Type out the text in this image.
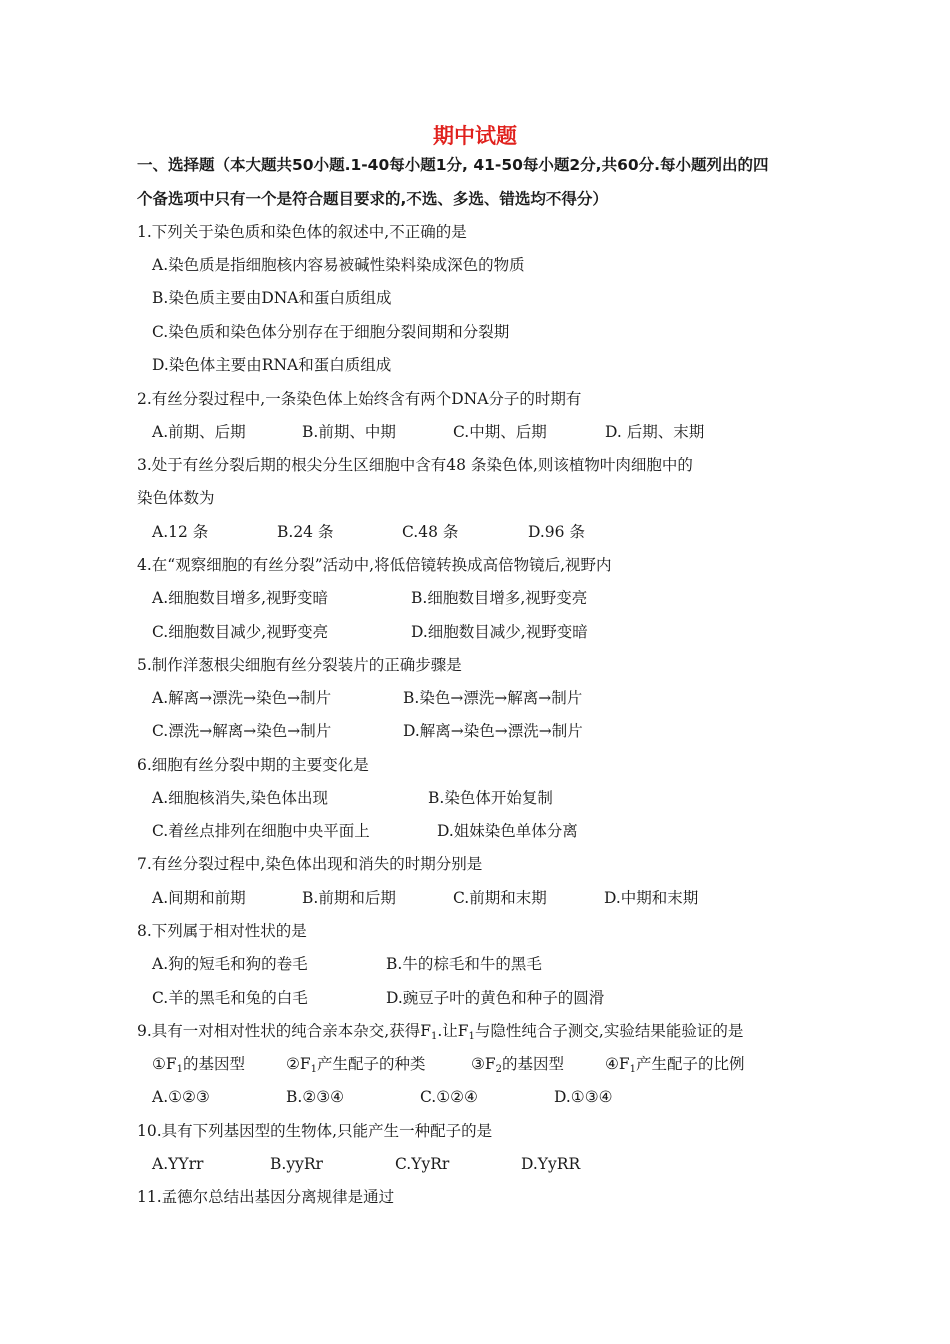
期中试题
一、选择题（本大题共50小题.1-40每小题1分, 41-50每小题2分,共60分.每小题列出的四
个备选项中只有一个是符合题目要求的,不选、多选、错选均不得分）
1.下列关于染色质和染色体的叙述中,不正确的是
A.染色质是指细胞核内容易被碱性染料染成深色的物质
B.染色质主要由DNA和蛋白质组成
C.染色质和染色体分别存在于细胞分裂间期和分裂期
D.染色体主要由RNA和蛋白质组成
2.有丝分裂过程中,一条染色体上始终含有两个DNA分子的时期有
A.前期、后期	B.前期、中期	C.中期、后期	D. 后期、末期
3.处于有丝分裂后期的根尖分生区细胞中含有48 条染色体,则该植物叶肉细胞中的
染色体数为
A.12 条	B.24 条	C.48 条	D.96 条
4.在“观察细胞的有丝分裂”活动中,将低倍镜转换成高倍物镜后,视野内
A.细胞数目增多,视野变暗	B.细胞数目增多,视野变亮
C.细胞数目减少,视野变亮	D.细胞数目减少,视野变暗
5.制作洋葱根尖细胞有丝分裂装片的正确步骤是
A.解离→漂洗→染色→制片	B.染色→漂洗→解离→制片
C.漂洗→解离→染色→制片	D.解离→染色→漂洗→制片
6.细胞有丝分裂中期的主要变化是
A.细胞核消失,染色体出现	B.染色体开始复制
C.着丝点排列在细胞中央平面上	D.姐妹染色单体分离
7.有丝分裂过程中,染色体出现和消失的时期分别是
A.间期和前期	B.前期和后期	C.前期和末期	D.中期和末期
8.下列属于相对性状的是
A.狗的短毛和狗的卷毛	B.牛的棕毛和牛的黑毛
C.羊的黑毛和兔的白毛	D.豌豆子叶的黄色和种子的圆滑
9.具有一对相对性状的纯合亲本杂交,获得$F_1$.让$F_1$与隐性纯合子测交,实验结果能验证的是
$①F_1$的基因型	$②F_1$产生配子的种类	$③F_2$的基因型	$④F_1$产生配子的比例
A.①②③	B.②③④	C.①②④	D.①③④
10.具有下列基因型的生物体,只能产生一种配子的是
A.YYrr	B.yyRr	C.YyRr	D.YyRR
11.孟德尔总结出基因分离规律是通过
